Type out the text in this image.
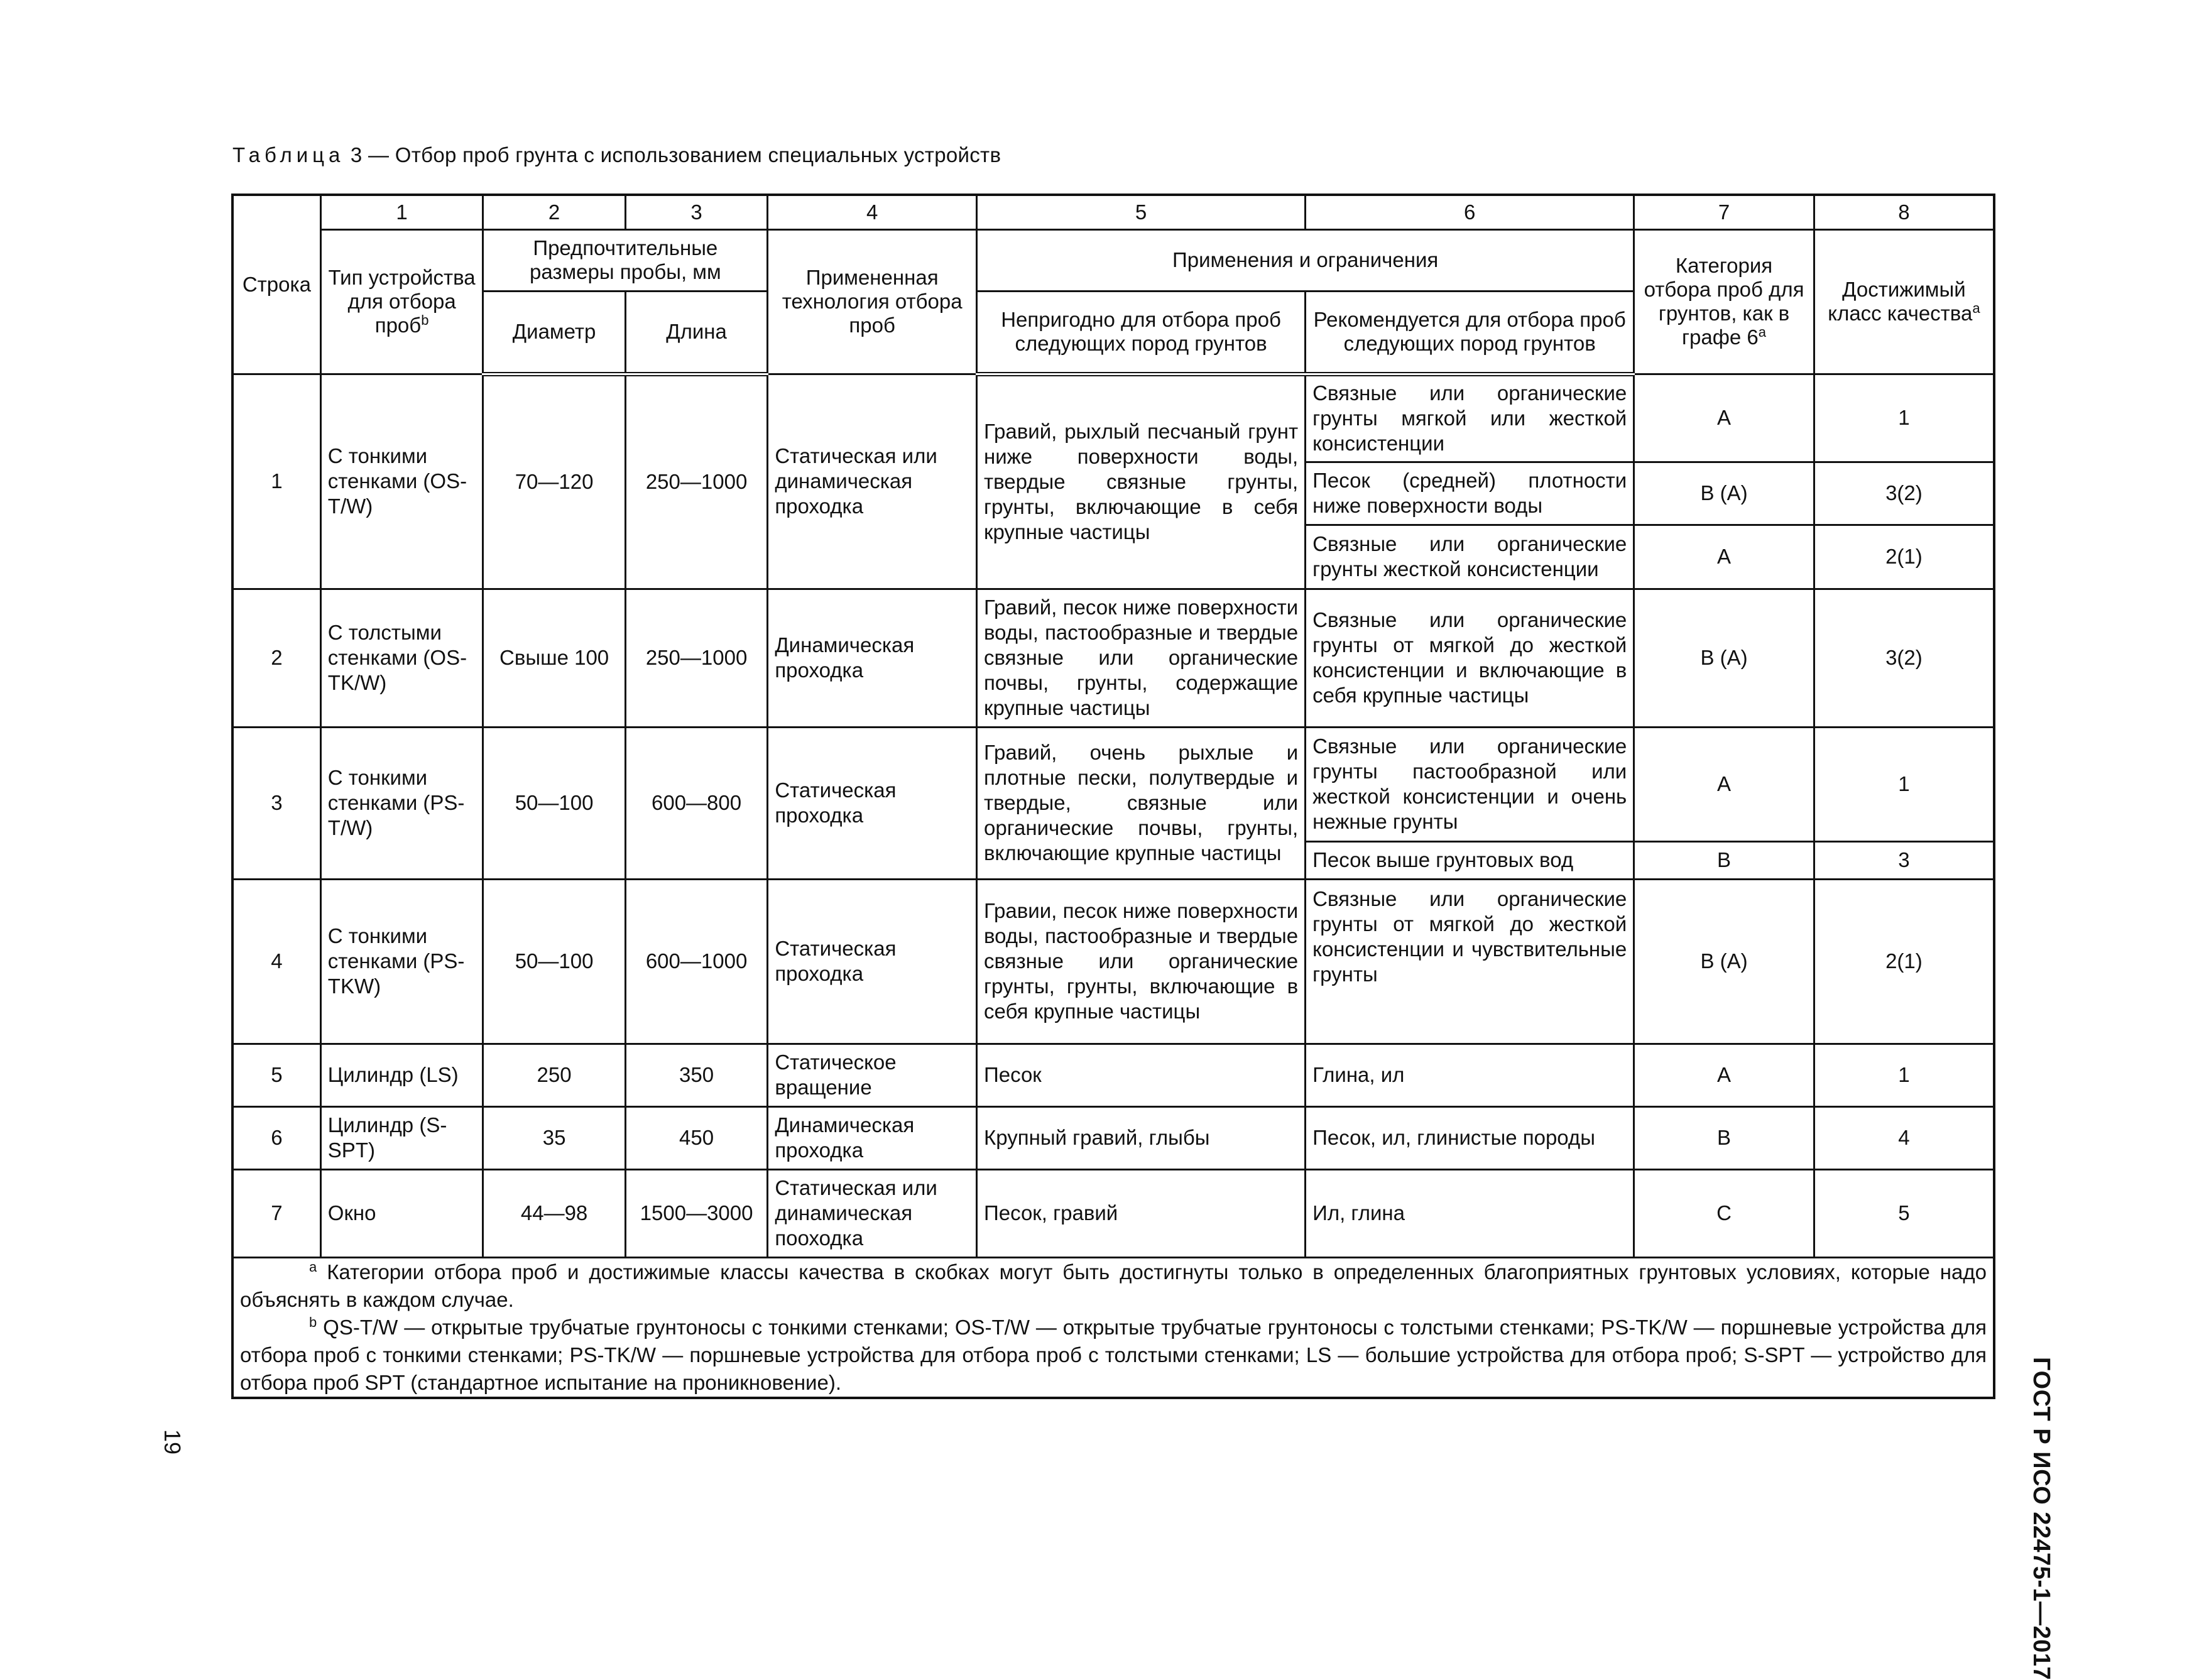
Таблица 3 — Отбор проб грунта с использованием специальных устройств
Строка	1	2	3	4	5	6	7	8
	Тип устройства для отбора проб$^b$	Предпочтительные размеры пробы, мм		Примененная технология отбора проб	Применения и ограничения		Категория отбора проб для грунтов, как в графе 6$^a$	Достижимый класс качества$^a$
		Диаметр	Длина		Непригодно для отбора проб следующих пород грунтов	Рекомендуется для отбора проб следующих пород грунтов		
1	С тонкими стенками (OS-T/W)	70—120	250—1000	Статическая или динамическая проходка	Гравий, рыхлый песчаный грунт ниже поверхности воды, твердые связные грунты, грунты, включающие в себя крупные частицы	Связные или органические грунты мягкой или жесткой консистенции	A	1
						Песок (средней) плотности ниже поверхности воды	B (A)	3(2)
						Связные или органические грунты жесткой консистенции	A	2(1)
2	С толстыми стенками (OS-TK/W)	Свыше 100	250—1000	Динамическая проходка	Гравий, песок ниже поверхности воды, пастообразные и твердые связные или органические почвы, грунты, содержащие крупные частицы	Связные или органические грунты от мягкой до жесткой консистенции и включающие в себя крупные частицы	B (A)	3(2)
3	С тонкими стенками (PS-T/W)	50—100	600—800	Статическая проходка	Гравий, очень рыхлые и плотные пески, полутвердые и твердые, связные или органические почвы, грунты, включающие крупные частицы	Связные или органические грунты пастообразной или жесткой консистенции и очень нежные грунты	A	1
						Песок выше грунтовых вод	B	3
4	С тонкими стенками (PS-TKW)	50—100	600—1000	Статическая проходка	Гравии, песок ниже поверхности воды, пастообразные и твердые связные или органические грунты, грунты, включающие в себя крупные частицы	Связные или органические грунты от мягкой до жесткой консистенции и чувствительные грунты	B (A)	2(1)
5	Цилиндр (LS)	250	350	Статическое вращение	Песок	Глина, ил	A	1
6	Цилиндр (S-SPT)	35	450	Динамическая проходка	Крупный гравий, глыбы	Песок, ил, глинистые породы	B	4
7	Окно	44—98	1500—3000	Статическая или динамическая пооходка	Песок, гравий	Ил, глина	C	5

$^a$ Категории отбора проб и достижимые классы качества в скобках могут быть достигнуты только в определенных благоприятных грунтовых условиях, которые надо объяснять в каждом случае.

$^b$ QS-T/W — открытые трубчатые грунтоносы с тонкими стенками; OS-T/W — открытые трубчатые грунтоносы с толстыми стенками; PS-TK/W — поршневые устройства для отбора проб с тонкими стенками; PS-TK/W — поршневые устройства для отбора проб с толстыми стенками; LS — большие устройства для отбора проб; S-SPT — устройство для отбора проб SPT (стандартное испытание на проникновение).									ГОСТ Р ИСО 22475-1—2017
19
